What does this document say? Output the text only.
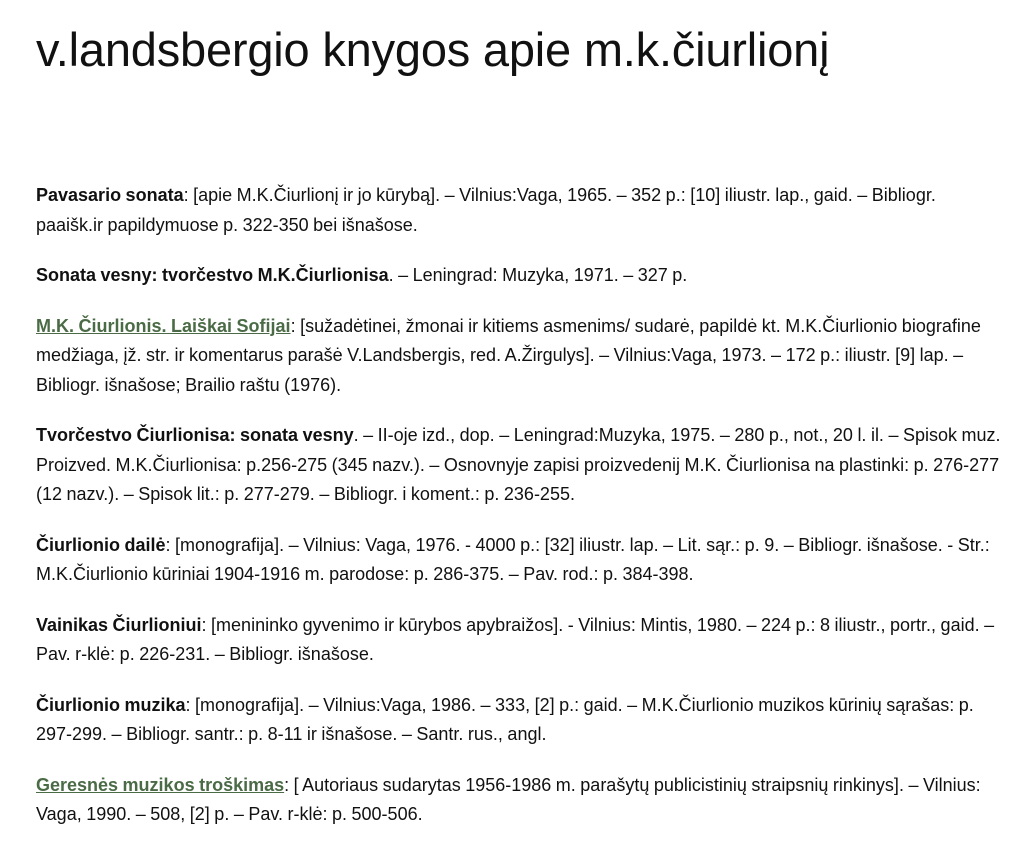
v.landsbergio knygos apie m.k.čiurlionį

Pavasario sonata: [apie M.K.Čiurlionį ir jo kūrybą]. – Vilnius:Vaga, 1965. – 352 p.: [10] iliustr. lap., gaid. – Bibliogr. paaišk.ir papildymuose p. 322-350 bei išnašose.

Sonata vesny: tvorčestvo M.K.Čiurlionisa. – Leningrad: Muzyka, 1971. – 327 p.

M.K. Čiurlionis. Laiškai Sofijai: [sužadėtinei, žmonai ir kitiems asmenims/ sudarė, papildė kt. M.K.Čiurlionio biografine medžiaga, įž. str. ir komentarus parašė V.Landsbergis, red. A.Žirgulys]. – Vilnius:Vaga, 1973. – 172 p.: iliustr. [9] lap. – Bibliogr. išnašose; Brailio raštu (1976).

Tvorčestvo Čiurlionisa: sonata vesny. – II-oje izd., dop. – Leningrad:Muzyka, 1975. – 280 p., not., 20 l. il. – Spisok muz. Proizved. M.K.Čiurlionisa: p.256-275 (345 nazv.). – Osnovnyje zapisi proizvedenij M.K. Čiurlionisa na plastinki: p. 276-277 (12 nazv.). – Spisok lit.: p. 277-279. – Bibliogr. i koment.: p. 236-255.

Čiurlionio dailė: [monografija]. – Vilnius: Vaga, 1976. - 4000 p.: [32] iliustr. lap. – Lit. sąr.: p. 9. – Bibliogr. išnašose. - Str.: M.K.Čiurlionio kūriniai 1904-1916 m. parodose: p. 286-375. – Pav. rod.: p. 384-398.

Vainikas Čiurlioniui: [menininko gyvenimo ir kūrybos apybraižos]. - Vilnius: Mintis, 1980. – 224 p.: 8 iliustr., portr., gaid. – Pav. r-klė: p. 226-231. – Bibliogr. išnašose.

Čiurlionio muzika: [monografija]. – Vilnius:Vaga, 1986. – 333, [2] p.: gaid. – M.K.Čiurlionio muzikos kūrinių sąrašas: p. 297-299. – Bibliogr. santr.: p. 8-11 ir išnašose. – Santr. rus., angl.

Geresnės muzikos troškimas: [ Autoriaus sudarytas 1956-1986 m. parašytų publicistinių straipsnių rinkinys]. – Vilnius: Vaga, 1990. – 508, [2] p. – Pav. r-klė: p. 500-506.
